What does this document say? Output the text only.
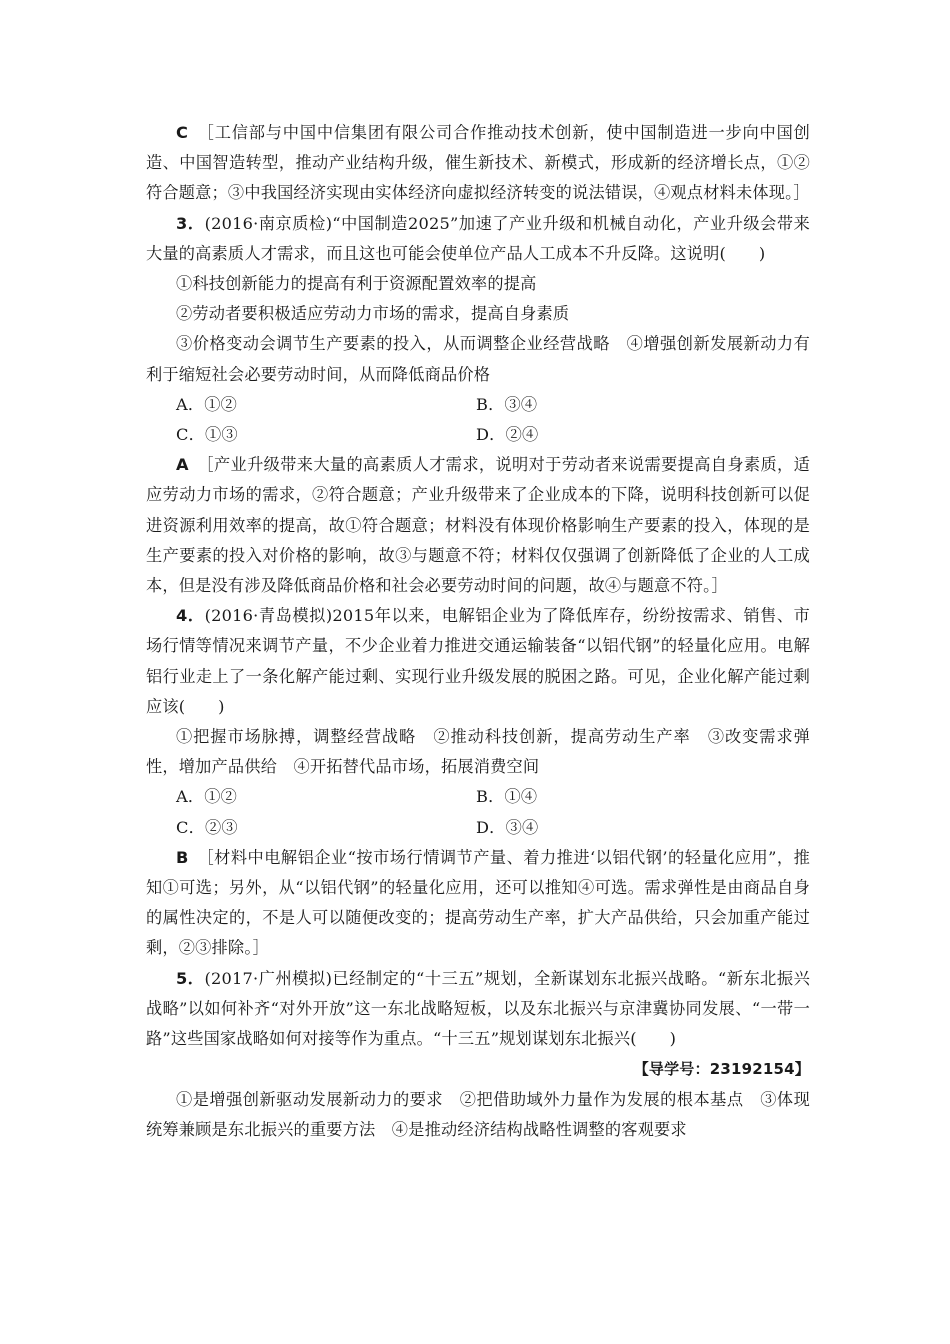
C　 ［工信部与中国中信集团有限公司合作推动技术创新，使中国制造进一步向中国创造、中国智造转型，推动产业结构升级，催生新技术、新模式，形成新的经济增长点，①②符合题意；③中我国经济实现由实体经济向虚拟经济转变的说法错误，④观点材料未体现。］

3．(2016·南京质检)“中国制造2025”加速了产业升级和机械自动化，产业升级会带来大量的高素质人才需求，而且这也可能会使单位产品人工成本不升反降。这说明(　　)

①科技创新能力的提高有利于资源配置效率的提高

②劳动者要积极适应劳动力市场的需求，提高自身素质

③价格变动会调节生产要素的投入，从而调整企业经营战略　④增强创新发展新动力有利于缩短社会必要劳动时间，从而降低商品价格

A．①②	B．③④
C．①③	D．②④

A　 ［产业升级带来大量的高素质人才需求，说明对于劳动者来说需要提高自身素质，适应劳动力市场的需求，②符合题意；产业升级带来了企业成本的下降，说明科技创新可以促进资源利用效率的提高，故①符合题意；材料没有体现价格影响生产要素的投入，体现的是生产要素的投入对价格的影响，故③与题意不符；材料仅仅强调了创新降低了企业的人工成本，但是没有涉及降低商品价格和社会必要劳动时间的问题，故④与题意不符。］

4．(2016·青岛模拟)2015年以来，电解铝企业为了降低库存，纷纷按需求、销售、市场行情等情况来调节产量，不少企业着力推进交通运输装备“以铝代钢”的轻量化应用。电解铝行业走上了一条化解产能过剩、实现行业升级发展的脱困之路。可见，企业化解产能过剩应该(　　)

①把握市场脉搏，调整经营战略　②推动科技创新，提高劳动生产率　③改变需求弹性，增加产品供给　④开拓替代品市场，拓展消费空间

A．①②	B．①④
C．②③	D．③④

B　 ［材料中电解铝企业“按市场行情调节产量、着力推进‘以铝代钢’的轻量化应用”，推知①可选；另外，从“以铝代钢”的轻量化应用，还可以推知④可选。需求弹性是由商品自身的属性决定的，不是人可以随便改变的；提高劳动生产率，扩大产品供给，只会加重产能过剩，②③排除。］

5．(2017·广州模拟)已经制定的“十三五”规划，全新谋划东北振兴战略。“新东北振兴战略”以如何补齐“对外开放”这一东北战略短板，以及东北振兴与京津冀协同发展、“一带一路”这些国家战略如何对接等作为重点。“十三五”规划谋划东北振兴(　　)

【导学号：23192154】

①是增强创新驱动发展新动力的要求　②把借助域外力量作为发展的根本基点　③体现统筹兼顾是东北振兴的重要方法　④是推动经济结构战略性调整的客观要求
